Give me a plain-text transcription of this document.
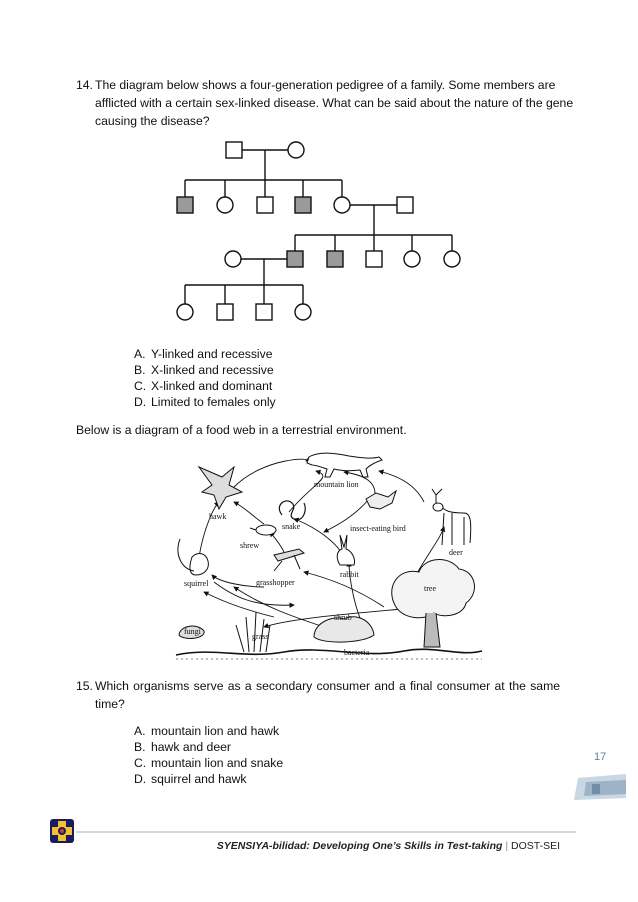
14. The diagram below shows a four-generation pedigree of a family. Some members are
afflicted with a certain sex-linked disease. What can be said about the nature of the gene
causing the disease?
A. Y-linked and recessive
B. X-linked and recessive
C. X-linked and dominant
D. Limited to females only
Below is a diagram of a food web in a terrestrial environment.
mountain lion
hawk
snake	insect-eating bird
shrew
deer
squirrel	grasshopper
rabbit
tree
shrub
fungi
grass
bacteria
15. Which organisms serve as a secondary consumer and a final consumer at the same
time?
A. mountain lion and hawk
B. hawk and deer
C. mountain lion and snake
D. squirrel and hawk
17
SYENSIYA-bilidad: Developing One’s Skills in Test-taking | DOST-SEI
